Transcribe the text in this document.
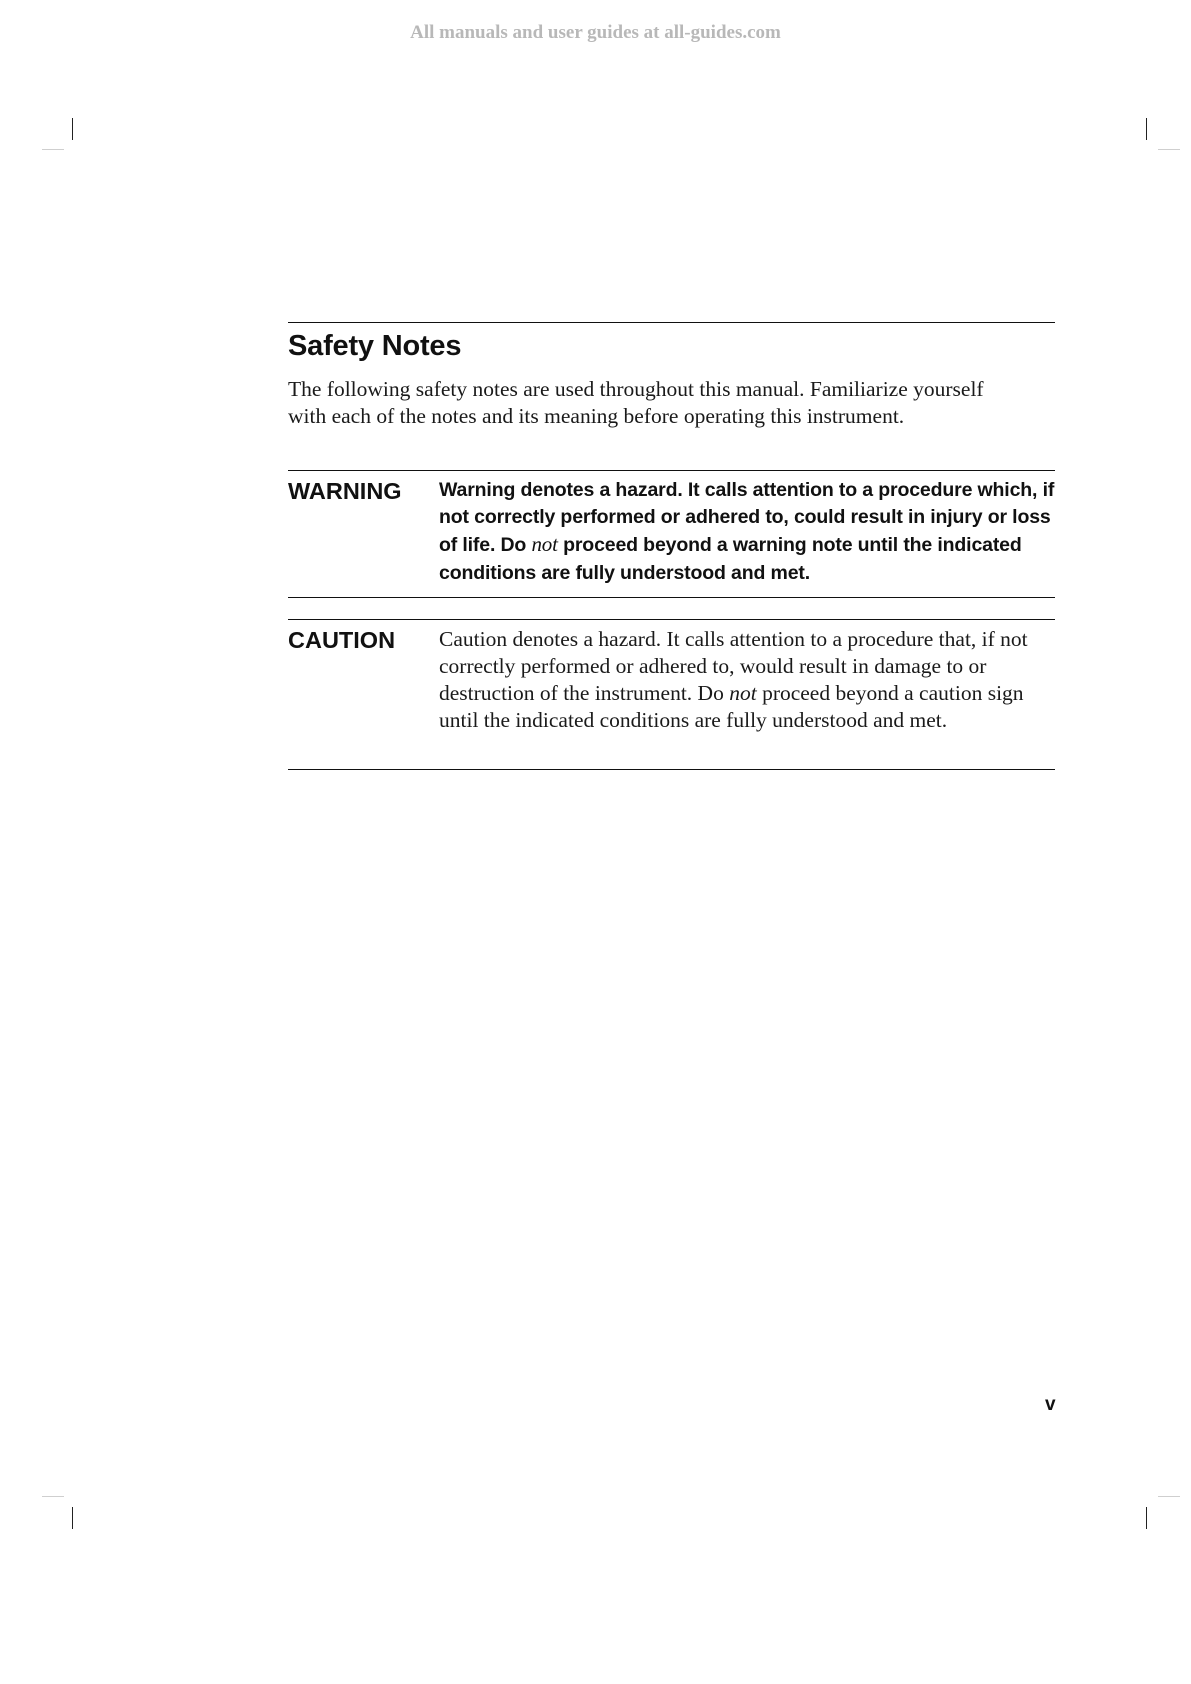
All manuals and user guides at all-guides.com
Safety Notes
The following safety notes are used throughout this manual. Familiarize yourself with each of the notes and its meaning before operating this instrument.
WARNING Warning denotes a hazard. It calls attention to a procedure which, if not correctly performed or adhered to, could result in injury or loss of life. Do not proceed beyond a warning note until the indicated conditions are fully understood and met.
CAUTION Caution denotes a hazard. It calls attention to a procedure that, if not correctly performed or adhered to, would result in damage to or destruction of the instrument. Do not proceed beyond a caution sign until the indicated conditions are fully understood and met.
v
